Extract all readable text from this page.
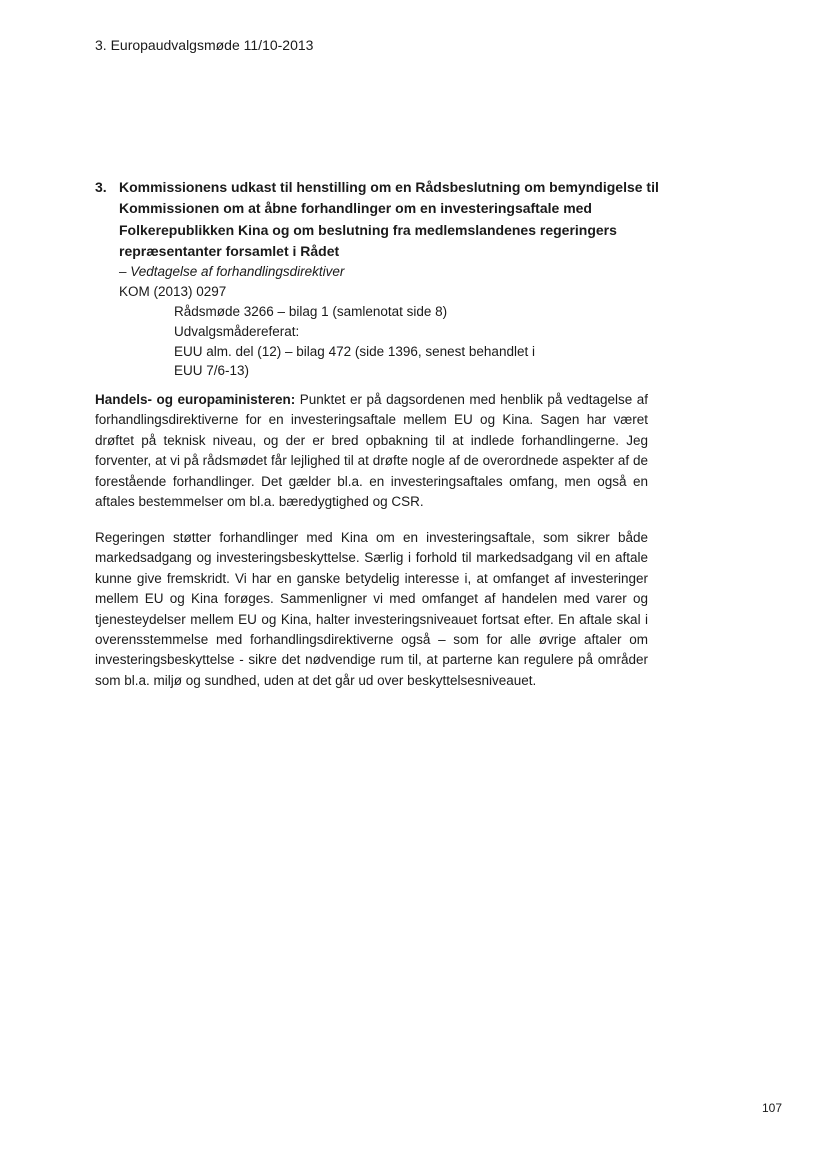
3. Europaudvalgsmøde 11/10-2013
3. Kommissionens udkast til henstilling om en Rådsbeslutning om bemyndigelse til Kommissionen om at åbne forhandlinger om en investeringsaftale med Folkerepublikken Kina og om beslutning fra medlemslandenes regeringers repræsentanter forsamlet i Rådet
– Vedtagelse af forhandlingsdirektiver
KOM (2013) 0297
Rådsmøde 3266 – bilag 1 (samlenotat side 8)
Udvalgsmådereferat:
EUU alm. del (12) – bilag 472 (side 1396, senest behandlet i
EUU 7/6-13)

Handels- og europaministeren: Punktet er på dagsordenen med henblik på vedtagelse af forhandlingsdirektiverne for en investeringsaftale mellem EU og Kina. Sagen har været drøftet på teknisk niveau, og der er bred opbakning til at indlede forhandlingerne. Jeg forventer, at vi på rådsmødet får lejlighed til at drøfte nogle af de overordnede aspekter af de forestående forhandlinger. Det gælder bl.a. en investeringsaftales omfang, men også en aftales bestemmelser om bl.a. bæredygtighed og CSR.

Regeringen støtter forhandlinger med Kina om en investeringsaftale, som sikrer både markedsadgang og investeringsbeskyttelse. Særlig i forhold til markedsadgang vil en aftale kunne give fremskridt. Vi har en ganske betydelig interesse i, at omfanget af investeringer mellem EU og Kina forøges. Sammenligner vi med omfanget af handelen med varer og tjenesteydelser mellem EU og Kina, halter investeringsniveauet fortsat efter. En aftale skal i overensstemmelse med forhandlingsdirektiverne også – som for alle øvrige aftaler om investeringsbeskyttelse - sikre det nødvendige rum til, at parterne kan regulere på områder som bl.a. miljø og sundhed, uden at det går ud over beskyttelsesniveauet.

107
